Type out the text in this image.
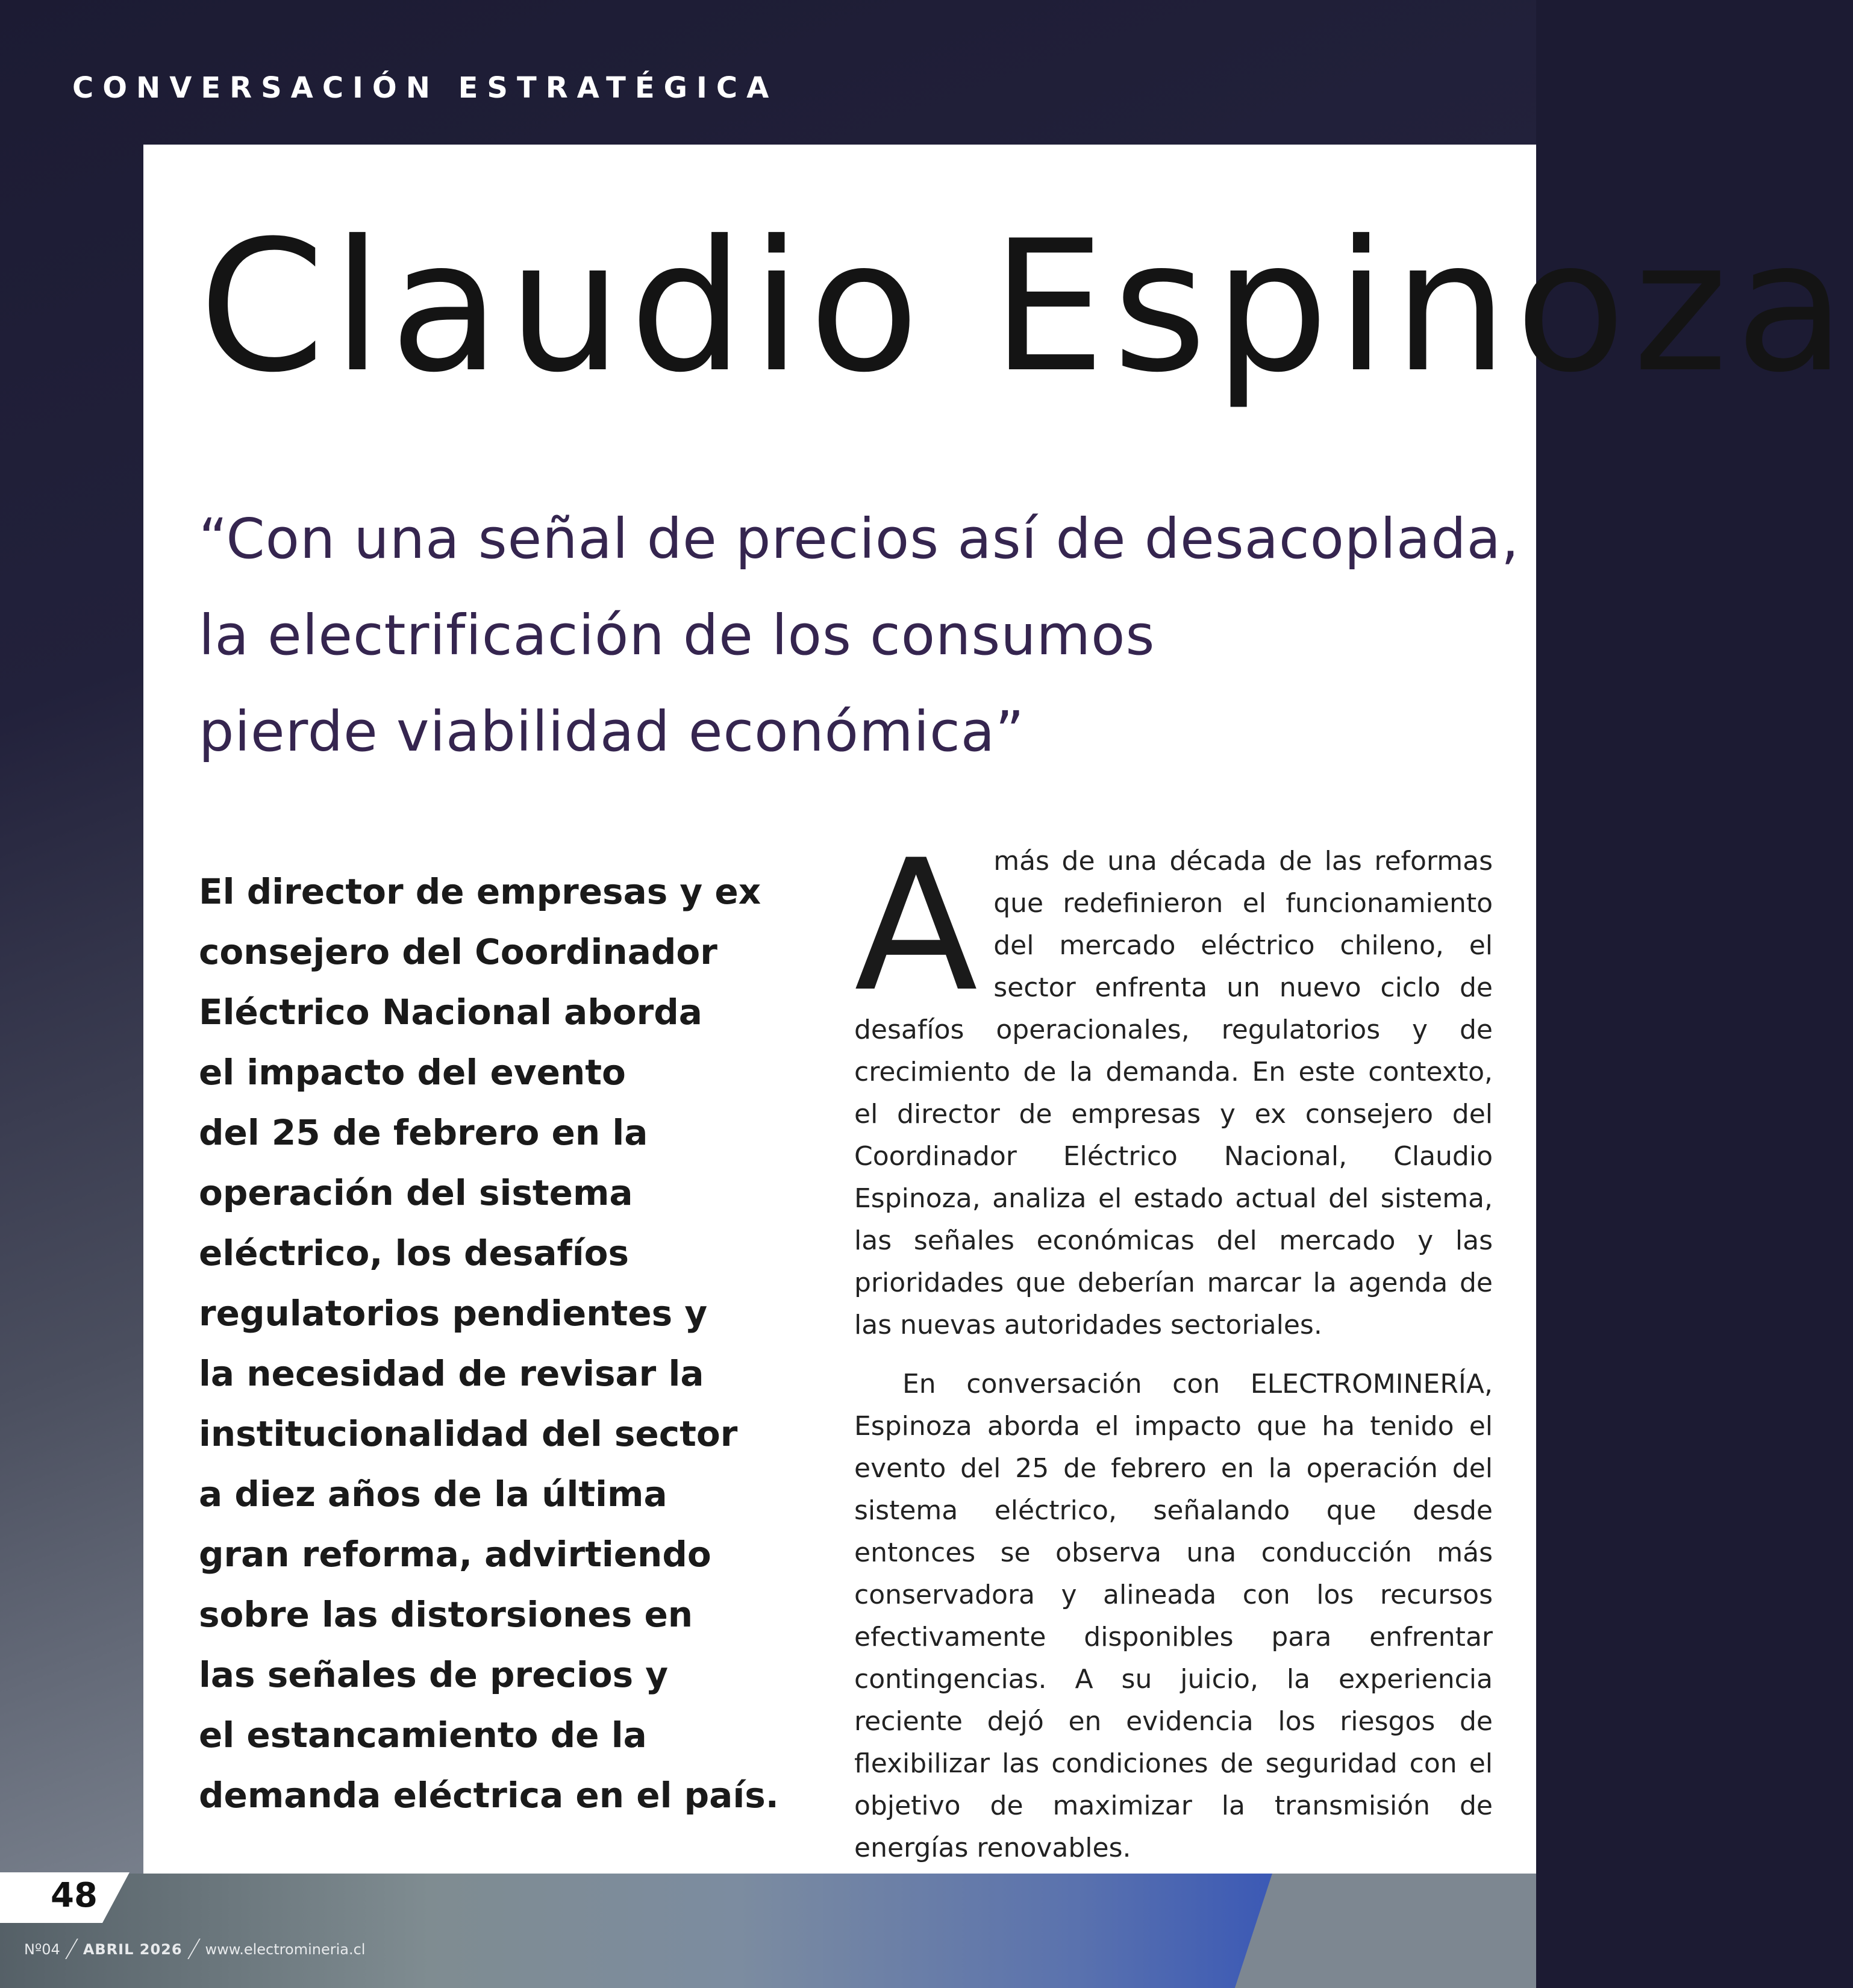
CONVERSACIÓN ESTRATÉGICA
Claudio Espinoza

“Con una señal de precios así de desacoplada,
la electrificación de los consumos
pierde viabilidad económica”

El director de empresas y ex
consejero del Coordinador
Eléctrico Nacional aborda
el impacto del evento
del 25 de febrero en la
operación del sistema
eléctrico, los desafíos
regulatorios pendientes y
la necesidad de revisar la
institucionalidad del sector
a diez años de la última
gran reforma, advirtiendo
sobre las distorsiones en
las señales de precios y
el estancamiento de la
demanda eléctrica en el país.

A más de una década de las reformas que redefinieron el funcionamiento del mercado eléctrico chileno, el sector enfrenta un nuevo ciclo de desafíos operacionales, regulatorios y de crecimiento de la demanda. En este contexto, el director de empresas y ex consejero del Coordinador Eléctrico Nacional, Claudio Espinoza, analiza el estado actual del sistema, las señales económicas del mercado y las prioridades que deberían marcar la agenda de las nuevas autoridades sectoriales.

En conversación con ELECTROMINERÍA, Espinoza aborda el impacto que ha tenido el evento del 25 de febrero en la operación del sistema eléctrico, señalando que desde entonces se observa una conducción más conservadora y alineada con los recursos efectivamente disponibles para enfrentar contingencias. A su juicio, la experiencia reciente dejó en evidencia los riesgos de flexibilizar las condiciones de seguridad con el objetivo de maximizar la transmisión de energías renovables.

48
Nº04 ABRIL 2026 www.electromineria.cl
